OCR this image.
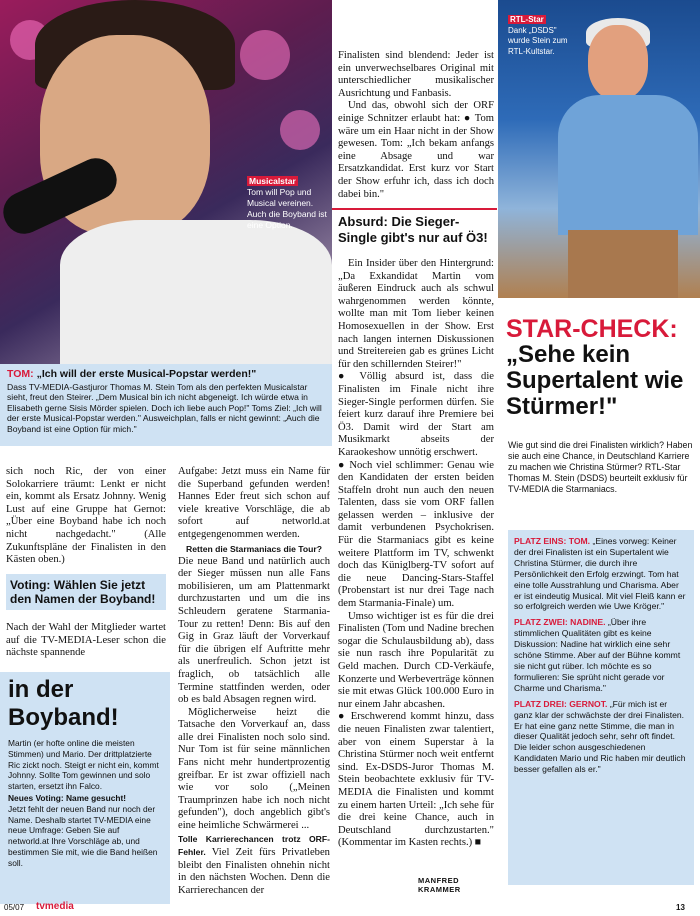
Musicalstar
Tom will Pop und Musical vereinen. Auch die Boyband ist eine Option.
RTL-Star
Dank „DSDS" wurde Stein zum RTL-Kultstar.
TOM: „Ich will der erste Musical-Popstar werden!"

Dass TV-MEDIA-Gastjuror Thomas M. Stein Tom als den perfekten Musicalstar sieht, freut den Steirer. „Dem Musical bin ich nicht abgeneigt. Ich würde etwa in Elisabeth gerne Sisis Mörder spielen. Doch ich liebe auch Pop!" Toms Ziel: „Ich will der erste Musical-Popstar werden." Ausweichplan, falls er nicht gewinnt: „Auch die Boyband ist eine Option für mich."

sich noch Ric, der von einer Solokarriere träumt: Lenkt er nicht ein, kommt als Ersatz Johnny. Wenig Lust auf eine Gruppe hat Gernot: „Über eine Boyband habe ich noch nicht nachgedacht." (Alle Zukunftspläne der Finalisten in den Kästen oben.)
Voting: Wählen Sie jetzt den Namen der Boyband!
Nach der Wahl der Mitglieder wartet auf die TV-MEDIA-Leser schon die nächste spannende
in der Boyband!

Martin (er hofte online die meisten Stimmen) und Mario. Der drittplatzierte Ric zickt noch. Steigt er nicht ein, kommt Johnny. Sollte Tom gewinnen und solo starten, ersetzt ihn Falco.

Neues Voting: Name gesucht!

Jetzt fehlt der neuen Band nur noch der Name. Deshalb startet TV-MEDIA eine neue Umfrage: Geben Sie auf networld.at Ihre Vorschläge ab, und bestimmen Sie mit, wie die Band heißen soll.

Aufgabe: Jetzt muss ein Name für die Superband gefunden werden! Hannes Eder freut sich schon auf viele kreative Vorschläge, die ab sofort auf networld.at entgegengenommen werden.
Retten die Starmaniacs die Tour?
Die neue Band und natürlich auch der Sieger müssen nun alle Fans mobilisieren, um am Plattenmarkt durchzustarten und um die ins Schleudern geratene Starmania-Tour zu retten! Denn: Bis auf den Gig in Graz läuft der Vorverkauf für die übrigen elf Auftritte mehr als unerfreulich. Schon jetzt ist fraglich, ob tatsächlich alle Termine stattfinden werden, oder ob es bald Absagen regnen wird.
Möglicherweise heizt die Tatsache den Vorverkauf an, dass alle drei Finalisten noch solo sind. Nur Tom ist für seine männlichen Fans nicht mehr hundertprozentig greifbar. Er ist zwar offiziell nach wie vor solo („Meinen Traumprinzen habe ich noch nicht gefunden"), doch angeblich gibt's eine heimliche Schwärmerei ...
Tolle Karrierechancen trotz ORF-Fehler. Viel Zeit fürs Privatleben bleibt den Finalisten ohnehin nicht in den nächsten Wochen. Denn die Karrierechancen der
Finalisten sind blendend: Jeder ist ein unverwechselbares Original mit unterschiedlicher musikalischer Ausrichtung und Fanbasis.
Und das, obwohl sich der ORF einige Schnitzer erlaubt hat: ● Tom wäre um ein Haar nicht in der Show gewesen. Tom: „Ich bekam anfangs eine Absage und war Ersatzkandidat. Erst kurz vor Start der Show erfuhr ich, dass ich doch dabei bin."
Absurd: Die Sieger-Single gibt's nur auf Ö3!
Ein Insider über den Hintergrund: „Da Exkandidat Martin vom äußeren Eindruck auch als schwul wahrgenommen werden könnte, wollte man mit Tom lieber keinen Homosexuellen in der Show. Erst nach langen internen Diskussionen und Streitereien gab es grünes Licht für den schillernden Steirer!"
● Völlig absurd ist, dass die Finalisten im Finale nicht ihre Sieger-Single performen dürfen. Sie feiert kurz darauf ihre Premiere bei Ö3. Damit wird der Start am Musikmarkt abseits der Karaokeshow unnötig erschwert.
● Noch viel schlimmer: Genau wie den Kandidaten der ersten beiden Staffeln droht nun auch den neuen Talenten, dass sie vom ORF fallen gelassen werden – inklusive der damit verbundenen Psychokrisen. Für die Starmaniacs gibt es keine weitere Plattform im TV, schwenkt doch das Küniglberg-TV sofort auf die neue Dancing-Stars-Staffel (Probenstart ist nur drei Tage nach dem Starmania-Finale) um.
Umso wichtiger ist es für die drei Finalisten (Tom und Nadine brechen sogar die Schulausbildung ab), dass sie nun rasch ihre Popularität zu Geld machen. Durch CD-Verkäufe, Konzerte und Werbeverträge können sie mit etwas Glück 100.000 Euro in nur einem Jahr abcashen.
● Erschwerend kommt hinzu, dass die neuen Finalisten zwar talentiert, aber von einem Superstar à la Christina Stürmer noch weit entfernt sind. Ex-DSDS-Juror Thomas M. Stein beobachtete exklusiv für TV-MEDIA die Finalisten und kommt zu einem harten Urteil: „Ich sehe für die drei keine Chance, auch in Deutschland durchzustarten." (Kommentar im Kasten rechts.) ■
MANFRED KRAMMER
STAR-CHECK:
„Sehe kein Supertalent wie Stürmer!"
Wie gut sind die drei Finalisten wirklich? Haben sie auch eine Chance, in Deutschland Karriere zu machen wie Christina Stürmer? RTL-Star Thomas M. Stein (DSDS) beurteilt exklusiv für TV-MEDIA die Starmaniacs.

PLATZ EINS: TOM. „Eines vorweg: Keiner der drei Finalisten ist ein Supertalent wie Christina Stürmer, die durch ihre Persönlichkeit den Erfolg erzwingt. Tom hat eine tolle Ausstrahlung und Charisma. Aber er ist eindeutig Musical. Mit viel Fleiß kann er so erfolgreich werden wie Uwe Kröger."

PLATZ ZWEI: NADINE. „Über ihre stimmlichen Qualitäten gibt es keine Diskussion: Nadine hat wirklich eine sehr schöne Stimme. Aber auf der Bühne kommt sie nicht gut rüber. Ich möchte es so formulieren: Sie sprüht nicht gerade vor Charme und Charisma."

PLATZ DREI: GERNOT. „Für mich ist er ganz klar der schwächste der drei Finalisten. Er hat eine ganz nette Stimme, die man in dieser Qualität jedoch sehr, sehr oft findet. Die leider schon ausgeschiedenen Kandidaten Mario und Ric haben mir deutlich besser gefallen als er."

05/07 tvmedia	13
